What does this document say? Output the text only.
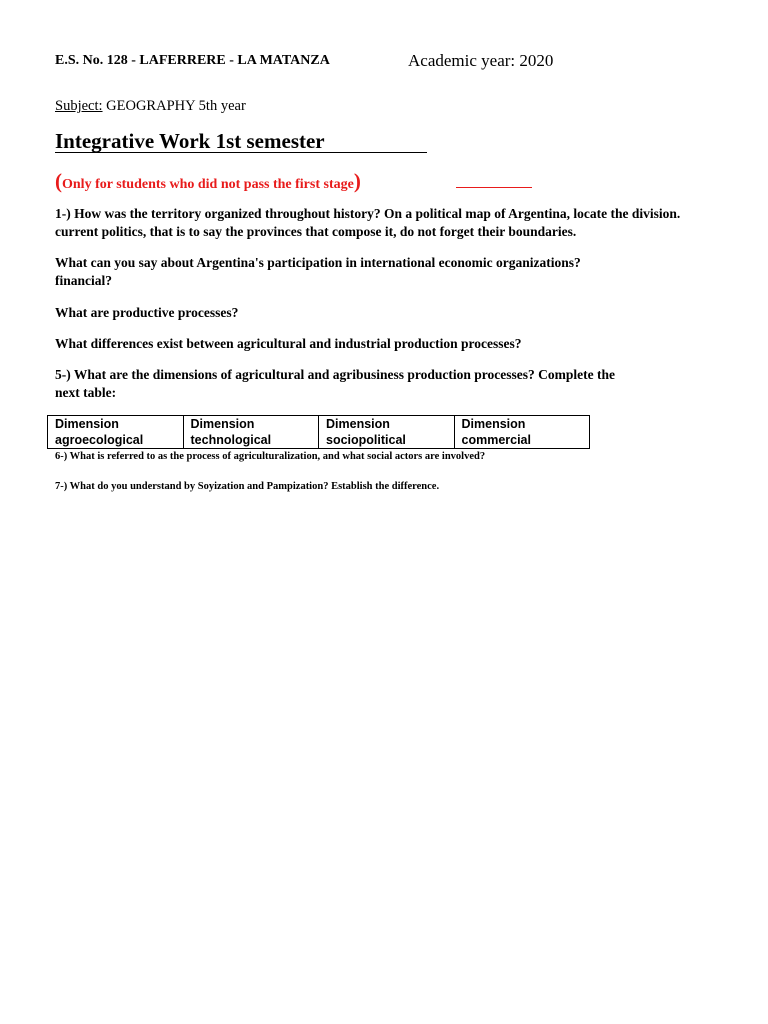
E.S. No. 128 - LAFERRERE - LA MATANZA	Academic year: 2020
Subject: GEOGRAPHY 5th year
Integrative Work 1st semester
(Only for students who did not pass the first stage)
1-) How was the territory organized throughout history? On a political map of Argentina, locate the division.
current politics, that is to say the provinces that compose it, do not forget their boundaries.
What can you say about Argentina's participation in international economic organizations?
financial?
What are productive processes?
What differences exist between agricultural and industrial production processes?
5-) What are the dimensions of agricultural and agribusiness production processes? Complete the
next table:
Dimension
agroecological

Dimension
technological

Dimension
sociopolitical

Dimension
commercial
6-) What is referred to as the process of agriculturalization, and what social actors are involved?
7-) What do you understand by Soyization and Pampization? Establish the difference.
